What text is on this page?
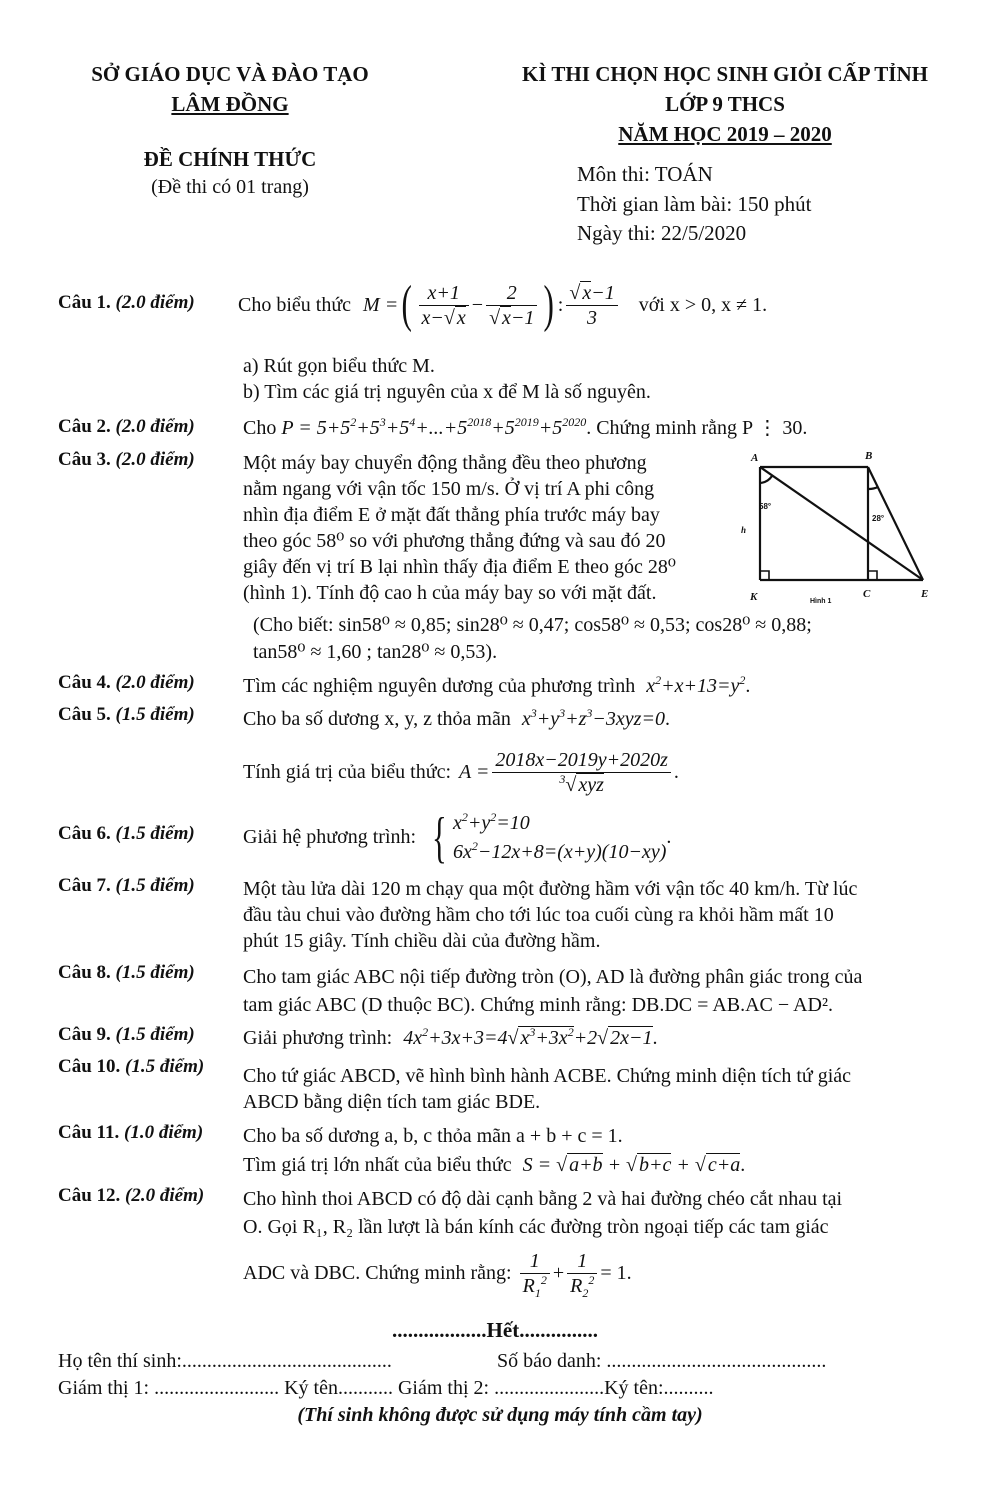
SỞ GIÁO DỤC VÀ ĐÀO TẠO
LÂM ĐỒNG
ĐỀ CHÍNH THỨC
(Đề thi có 01 trang)
KÌ THI CHỌN HỌC SINH GIỎI CẤP TỈNH
LỚP 9 THCS
NĂM HỌC 2019 – 2020
Môn thi: TOÁN
Thời gian làm bài: 150 phút
Ngày thi: 22/5/2020
Câu 1. (2.0 điểm) Cho biểu thức M = ( $\frac{x+1}{x-√ x} - \frac{2}{√ x-1}$ ) : $\frac{√ x-1}{3}$ với x > 0, x ≠ 1.
a) Rút gọn biểu thức M.
b) Tìm các giá trị nguyên của x để M là số nguyên.
Câu 2. (2.0 điểm) Cho $P = 5+5^2+5^3+5^4+...+5^{2018}+5^{2019}+5^{2020}$. Chứng minh rằng P ⋮ 30.
Câu 3. (2.0 điểm) Một máy bay chuyển động thẳng đều theo phương
nằm ngang với vận tốc 150 m/s. Ở vị trí A phi công
nhìn địa điểm E ở mặt đất thẳng phía trước máy bay
theo góc 58⁰ so với phương thẳng đứng và sau đó 20
giây đến vị trí B lại nhìn thấy địa điểm E theo góc 28⁰
(hình 1). Tính độ cao h của máy bay so với mặt đất.
(Cho biết: sin58⁰ ≈ 0,85; sin28⁰ ≈ 0,47; cos58⁰ ≈ 0,53; cos28⁰ ≈ 0,88;
tan58⁰ ≈ 1,60 ; tan28⁰ ≈ 0,53).
A	B
K	C	E
h
58°
28°
Hình 1
Câu 4. (2.0 điểm) Tìm các nghiệm nguyên dương của phương trình $x^2+x+13=y^2$.
Câu 5. (1.5 điểm) Cho ba số dương x, y, z thỏa mãn $x^3+y^3+z^3-3xyz=0$.
Tính giá trị của biểu thức: $A = \frac{2018x-2019y+2020z}{^3√ xyz}$ .
Câu 6. (1.5 điểm) Giải hệ phương trình: { $x^2+y^2=10$
$6x^2-12x+8=(x+y)(10-xy)$
.
Câu 7. (1.5 điểm) Một tàu lửa dài 120 m chạy qua một đường hầm với vận tốc 40 km/h. Từ lúc
đầu tàu chui vào đường hầm cho tới lúc toa cuối cùng ra khỏi hầm mất 10
phút 15 giây. Tính chiều dài của đường hầm.
Câu 8. (1.5 điểm) Cho tam giác ABC nội tiếp đường tròn (O), AD là đường phân giác trong của
tam giác ABC (D thuộc BC). Chứng minh rằng: DB.DC = AB.AC − AD².
Câu 9. (1.5 điểm) Giải phương trình: $4x^2+3x+3=4√$ $x^3+3x^2+2√$ 2x−1.
Câu 10. (1.5 điểm) Cho tứ giác ABCD, vẽ hình bình hành ACBE. Chứng minh diện tích tứ giác
ABCD bằng diện tích tam giác BDE.
Câu 11. (1.0 điểm) Cho ba số dương a, b, c thỏa mãn a + b + c = 1.
Tìm giá trị lớn nhất của biểu thức S = √ a+b + √ b+c + √ c+a.
Câu 12. (2.0 điểm) Cho hình thoi ABCD có độ dài cạnh bằng 2 và hai đường chéo cắt nhau tại
O. Gọi R₁, R₂ lần lượt là bán kính các đường tròn ngoại tiếp các tam giác
ADC và DBC. Chứng minh rằng: $\frac{1}{R_1^2} + \frac{1}{R_2^2} = 1$.
..................Hết...............
Họ tên thí sinh:..........................................	Số báo danh: ............................................
Giám thị 1: ......................... Ký tên........... Giám thị 2: ......................Ký tên:..........
(Thí sinh không được sử dụng máy tính cầm tay)
